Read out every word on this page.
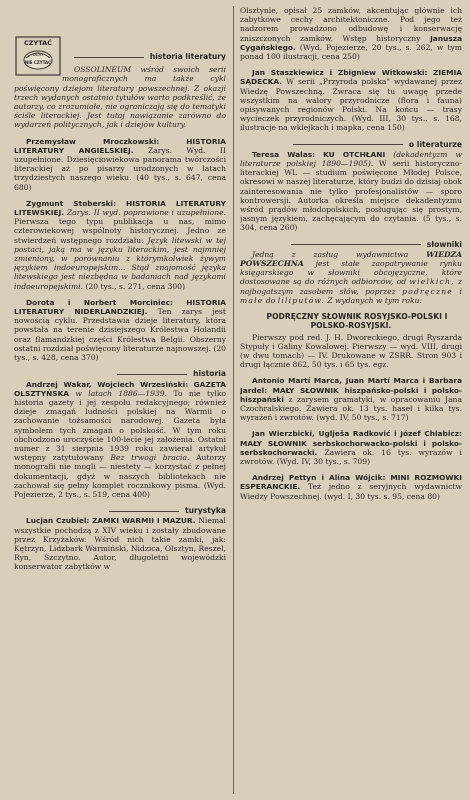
CZYTAĆ
albo
NIE CZYTAĆ
historia literatury

OSSOLINEUM wśród swoich serii monograficznych ma także cykl poświęcony dziejom literatury powszechnej. Z okazji trzech wydanych ostatnio tytułów warto podkreślić, że autorzy, co zrozumiałe, nie ograniczają się do tematyki ściśle literackiej. Jest tutaj nawiązanie zarówno do wydarzeń politycznych, jak i dziejów kultury.

Przemysław Mroczkowski:	HISTORIA LITERATURY ANGIELSKIEJ. Zarys. Wyd. II uzupełnione. Dziesięciowiekowa panorama twórczości literackiej aż po pisarzy urodzonych w latach trzydziestych naszego wieku. (40 tys., s. 647, cena 680)

Zygmunt Stoberski: HISTORIA LITERATURY LITEWSKIEJ. Zarys. II wyd. poprawione i uzupełnione. Pierwsza tego typu publikacja u nas, mimo czterowiekowej wspólnoty historycznej. Jedno ze stwierdzeń wstępnego rozdziału: Język litewski w tej postaci, jaką ma w języku literackim, jest najmniej zmieniony, w porównaniu z którymkolwiek żywym językiem indoeuropejskim... Stąd znajomość języka litewskiego jest niezbędna w badaniach nad językami indoeuropejskimi. (20 tys., s. 271, cena 300)

Dorota i Norbert Morciniec: HISTORIA LITERATURY NIDERLANDZKIEJ. Ten zarys jest nowością cyklu. Przedstawia dzieje literatury, która powstała na terenie dzisiejszego Królestwa Holandii oraz flamandzkiej części Królestwa Belgii. Obszerny ostatni rozdział poświęcony literaturze najnowszej. (20 tys., s. 428, cena 370)

historia

Andrzej Wakar, Wojciech Wrzesiński: GAZETA OLSZTYŃSKA w latach 1886—1939. To nie tylko historia gazety i jej zespołu redakcyjnego; również dzieje zmagań ludności polskiej na Warmii o zachowanie tożsamości narodowej. Gazeta była symbolem tych zmagań o polskość. W tym roku obchodzono uroczyście 100-lecie jej założenia. Ostatni numer z 31 sierpnia 1939 roku zawierał artykuł wstępny zatytułowany Bez trwogi bracia. Autorzy monografii nie mogli — niestety — korzystać z pełnej dokumentacji, gdyż w naszych bibliotekach nie zachował się pełny komplet rocznikowy pisma. (Wyd. Pojezierze, 2 tys., s. 519, cena 400)

turystyka

Lucjan Czubiel: ZAMKI WARMII I MAZUR. Niemal wszystkie pochodzą z XIV wieku i zostały zbudowane przez Krzyżaków. Wśród nich takie zamki, jak: Kętrzyn, Lidzbark Warmiński, Nidzica, Olsztyn, Reszel, Ryn, Szczytno. Autor, długoletni wojewódzki konserwator zabytków w

Olsztynie, opisał 25 zamków, akcentując głównie ich zabytkowe cechy architektoniczne. Pod jego też nadzorem prowadzono odbudowę i konserwację zniszczonych zamków. Wstęp historyczny Janusza Cygańskiego. (Wyd. Pojezierze, 20 tys., s. 262, w tym ponad 100 ilustracji, cena 250)

Jan Staszkiewicz i Zbigniew Witkowski: ZIEMIA SĄDECKA. W serii „Przyroda polska" wydawanej przez Wiedzę Powszechną. Zwraca się tu uwagę przede wszystkim na walory przyrodnicze (flora i fauna) opisywanych regionów Polski. Na końcu — trasy wycieczek przyrodniczych. (Wyd. III, 30 tys., s. 168, ilustracje na wklejkach i mapka, cena 150)

o literaturze

Teresa Walas: KU OTCHŁANI (dekadentyzm w literaturze polskiej 1890—1905). W serii historyczno-literackiej WL — studium poświęcone Młodej Polsce, okresowi w naszej literaturze, który budzi do dzisiaj obok zainteresowania nie tylko profesjonalistów — sporo kontrowersji. Autorka określa miejsce dekadentyzmu wśród prądów młodopolskich, posługując się prostym, jasnym językiem, zachęcającym do czytania. (5 tys., s. 304, cena 260)

słowniki

Jedną z zasług wydawnictwa WIEDZA POWSZECHNA jest stałe zaopatrywanie rynku księgarskiego w słowniki obcojęzyczne, które dostosowane są do różnych odbiorców, od wielkich, z najbogatszym zasobem słów, poprzez podręczne i małe do liliputów. Z wydanych w tym roku:

PODRĘCZNY SŁOWNIK ROSYJSKO-POLSKI I POLSKO-ROSYJSKI.

Pierwszy pod red. J. H. Dworeckiego, drugi Ryszarda Stypuły i Galiny Kowalowej. Pierwszy — wyd. VIII, drugi (w dwu tomach) — IV. Drukowane w ZSRR. Stron 903 i drugi łącznie 862, 50 tys. i 65 tys. egz.

Antonio Martí Marca, Juan Martí Marca i Barbara Jardel: MAŁY SŁOWNIK hiszpańsko-polski i polsko-hiszpański z zarysem gramatyki, w opracowaniu Jana Czochralskiego. Zawiera ok. 13 tys. haseł i kilka tys. wyrażeń i zwrotów. (wyd. IV, 50 tys., s. 717)

Jan Wierzbicki, Uglješa Radković i Józef Chlabicz: MAŁY SŁOWNIK serbskochorwacko-polski i polsko-serbskochorwacki. Zawiera ok. 16 tys. wyrazów i zwrotów. (Wyd. IV, 30 tys., s. 709)

Andrzej Pettyn i Alina Wójcik: MINI ROZMOWKI ESPERANCKIE. Też jedno z seryjnych wydawnictw Wiedzy Powszechnej. (wyd. I, 30 tys. s. 95, cena 80)
